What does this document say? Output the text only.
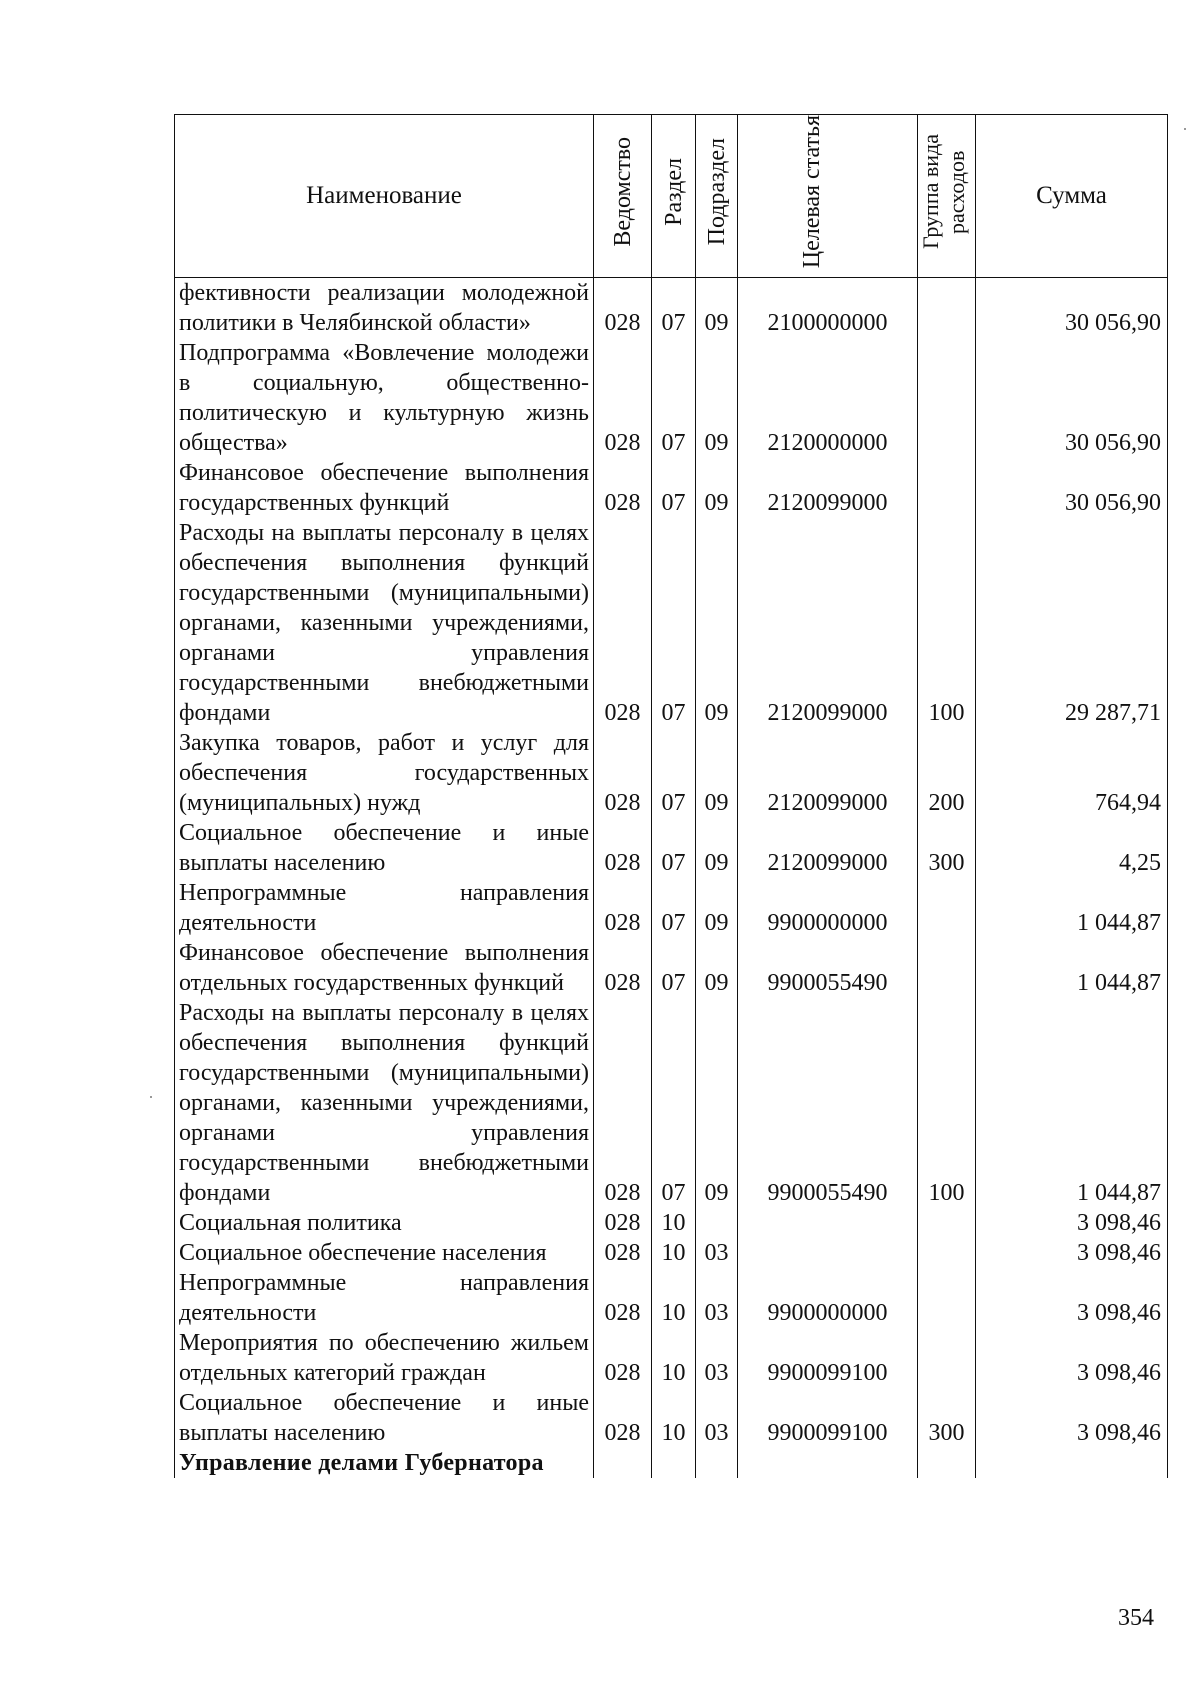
Наименование	Ведомство	Раздел	Подраздел	Целевая статья	Группа вида расходов	Сумма
фективности реализации молодежной политики в Челябинской области»	028	07	09	2100000000		30 056,90
Подпрограмма «Вовлечение молодежи в социальную, общественно-политическую и культурную жизнь общества»	028	07	09	2120000000		30 056,90
Финансовое обеспечение выполнения государственных функций	028	07	09	2120099000		30 056,90
Расходы на выплаты персоналу в целях обеспечения выполнения функций государственными (муниципальными) органами, казенными учреждениями, органами управления государственными внебюджетными фондами	028	07	09	2120099000	100	29 287,71
Закупка товаров, работ и услуг для обеспечения государственных (муниципальных) нужд	028	07	09	2120099000	200	764,94
Социальное обеспечение и иные выплаты населению	028	07	09	2120099000	300	4,25
Непрограммные направления деятельности	028	07	09	9900000000		1 044,87
Финансовое обеспечение выполнения отдельных государственных функций	028	07	09	9900055490		1 044,87
Расходы на выплаты персоналу в целях обеспечения выполнения функций государственными (муниципальными) органами, казенными учреждениями, органами управления государственными внебюджетными фондами	028	07	09	9900055490	100	1 044,87
Социальная политика	028	10				3 098,46
Социальное обеспечение населения	028	10	03			3 098,46
Непрограммные направления деятельности	028	10	03	9900000000		3 098,46
Мероприятия по обеспечению жильем отдельных категорий граждан	028	10	03	9900099100		3 098,46
Социальное обеспечение и иные выплаты населению	028	10	03	9900099100	300	3 098,46
Управление делами Губернатора						
354
